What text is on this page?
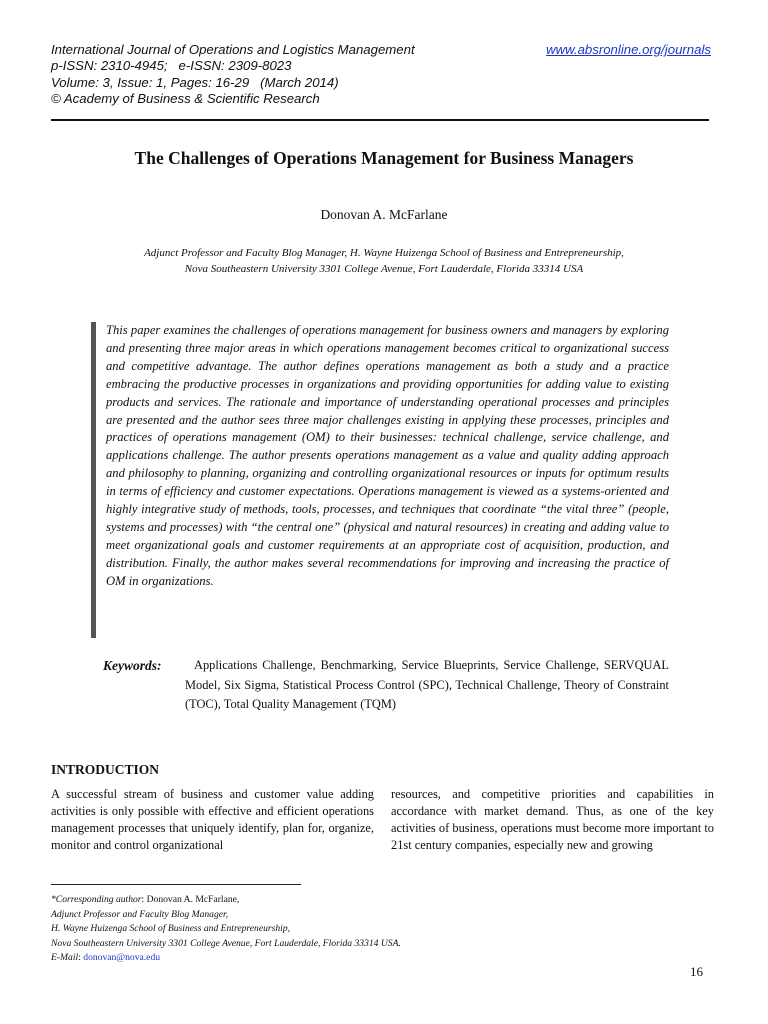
International Journal of Operations and Logistics Management	www.absronline.org/journals
p-ISSN: 2310-4945;   e-ISSN: 2309-8023
Volume: 3, Issue: 1, Pages: 16-29   (March 2014)
© Academy of Business & Scientific Research
The Challenges of Operations Management for Business Managers
Donovan A. McFarlane
Adjunct Professor and Faculty Blog Manager, H. Wayne Huizenga School of Business and Entrepreneurship,
Nova Southeastern University 3301 College Avenue, Fort Lauderdale, Florida 33314 USA

This paper examines the challenges of operations management for business owners and managers by exploring and presenting three major areas in which operations management becomes critical to organizational success and competitive advantage. The author defines operations management as both a study and a practice embracing the productive processes in organizations and providing opportunities for adding value to existing products and services. The rationale and importance of understanding operational processes and principles are presented and the author sees three major challenges existing in applying these processes, principles and practices of operations management (OM) to their businesses: technical challenge, service challenge, and applications challenge. The author presents operations management as a value and quality adding approach and philosophy to planning, organizing and controlling organizational resources or inputs for optimum results in terms of efficiency and customer expectations. Operations management is viewed as a systems-oriented and highly integrative study of methods, tools, processes, and techniques that coordinate “the vital three” (people, systems and processes) with “the central one” (physical and natural resources) in creating and adding value to meet organizational goals and customer requirements at an appropriate cost of acquisition, production, and distribution. Finally, the author makes several recommendations for improving and increasing the practice of OM in organizations.

Keywords:	Applications Challenge, Benchmarking, Service Blueprints, Service Challenge, SERVQUAL Model, Six Sigma, Statistical Process Control (SPC), Technical Challenge, Theory of Constraint (TOC), Total Quality Management (TQM)

INTRODUCTION

A successful stream of business and customer value adding activities is only possible with effective and efficient operations management processes that uniquely identify, plan for, organize, monitor and control organizational

resources, and competitive priorities and capabilities in accordance with market demand. Thus, as one of the key activities of business, operations must become more important to 21st century companies, especially new and growing

*Corresponding author: Donovan A. McFarlane,
Adjunct Professor and Faculty Blog Manager,
H. Wayne Huizenga School of Business and Entrepreneurship,
Nova Southeastern University 3301 College Avenue, Fort Lauderdale, Florida 33314 USA.
E-Mail: donovan@nova.edu
16
